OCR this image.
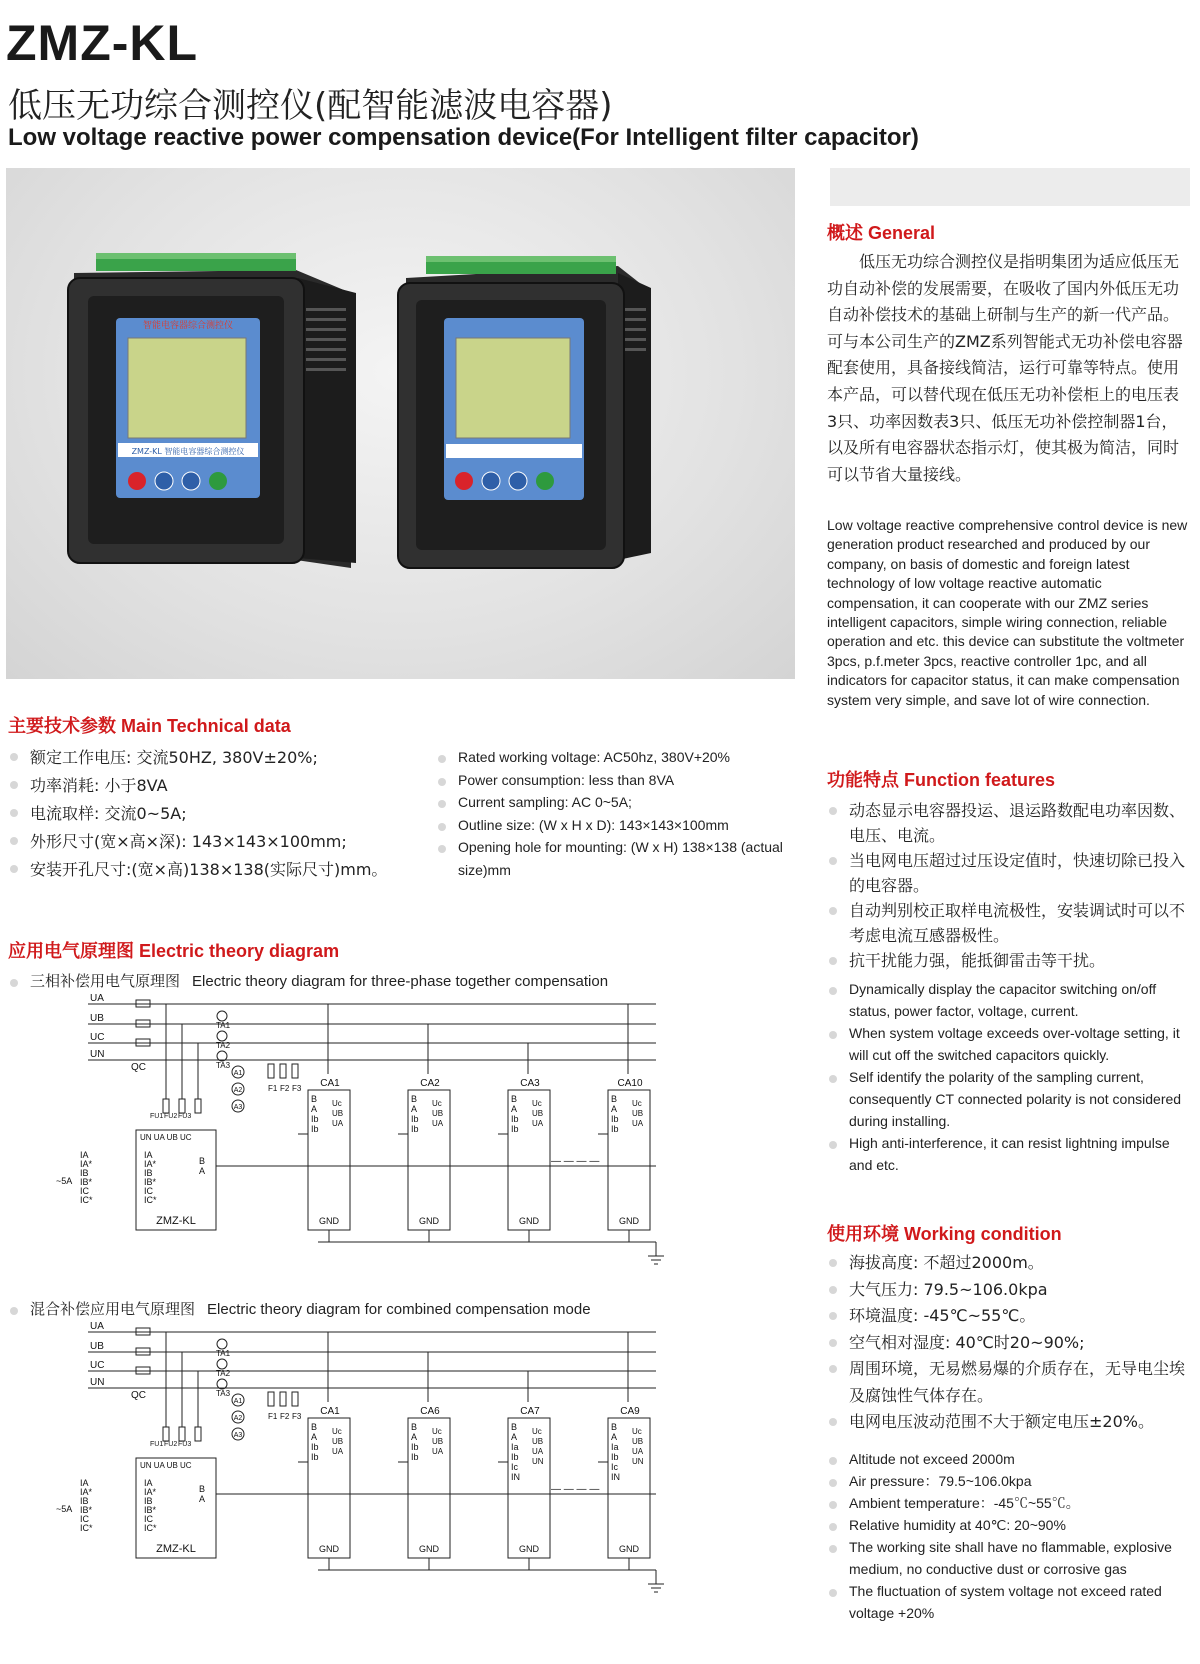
ZMZ-KL
低压无功综合测控仪(配智能滤波电容器)
Low voltage reactive power compensation device(For Intelligent filter capacitor)
智能电容器综合测控仪
ZMZ-KL 智能电容器综合测控仪
概述 General
低压无功综合测控仪是指明集团为适应低压无功自动补偿的发展需要，在吸收了国内外低压无功自动补偿技术的基础上研制与生产的新一代产品。可与本公司生产的ZMZ系列智能式无功补偿电容器配套使用，具备接线简洁，运行可靠等特点。使用本产品，可以替代现在低压无功补偿柜上的电压表3只、功率因数表3只、低压无功补偿控制器1台，以及所有电容器状态指示灯，使其极为简洁，同时可以节省大量接线。
Low voltage reactive comprehensive control device is new generation product researched and produced by our company, on basis of domestic and foreign latest technology of low voltage reactive automatic compensation, it can cooperate with our ZMZ series intelligent capacitors, simple wiring connection, reliable operation and etc. this device can substitute the voltmeter 3pcs, p.f.meter 3pcs, reactive controller 1pc, and all indicators for capacitor status, it can make compensation system very simple, and save lot of wire connection.
功能特点 Function features
动态显示电容器投运、退运路数配电功率因数、电压、电流。
当电网电压超过过压设定值时，快速切除已投入的电容器。
自动判别校正取样电流极性，安装调试时可以不考虑电流互感器极性。
抗干扰能力强，能抵御雷击等干扰。
Dynamically display the capacitor switching on/off status, power factor, voltage, current.
When system voltage exceeds over-voltage setting, it will cut off the switched capacitors quickly.
Self identify the polarity of the sampling current, consequently CT connected polarity is not considered during installing.
High anti-interference, it can resist lightning impulse and etc.
使用环境 Working condition
海拔高度: 不超过2000m。
大气压力: 79.5~106.0kpa
环境温度: -45℃~55℃。
空气相对湿度: 40℃时20~90%;
周围环境，无易燃易爆的介质存在，无导电尘埃及腐蚀性气体存在。
电网电压波动范围不大于额定电压±20%。
Altitude not exceed 2000m
Air pressure：79.5~106.0kpa
Ambient temperature：-45℃~55℃。
Relative humidity at 40℃: 20~90%
The working site shall have no flammable, explosive medium, no conductive dust or corrosive gas
The fluctuation of system voltage not exceed rated voltage +20%
主要技术参数 Main Technical data
额定工作电压: 交流50HZ, 380V±20%;
功率消耗: 小于8VA
电流取样: 交流0~5A;
外形尺寸(宽×高×深): 143×143×100mm;
安装开孔尺寸:(宽×高)138×138(实际尺寸)mm。
Rated working voltage: AC50hz, 380V+20%
Power consumption: less than 8VA
Current sampling: AC 0~5A;
Outline size: (W x H x D): 143×143×100mm
Opening hole for mounting: (W x H) 138×138 (actual size)mm
应用电气原理图 Electric theory diagram
三相补偿用电气原理图 Electric theory diagram for three-phase together compensation
UA
UB
UC
UN
QC
TA1
TA2
TA3
A1
A2
A3
F1 F2 F3
FU1 FU2 FU3
UN UA UB UC
IA
IA
IA*
IA*
IB
IB
IB*
IB*
IC
IC
IC*
IC*
~5A
B
A
ZMZ-KL
CA1
B
A
Ib
Ib
Uc
UB
UA
GND
CA2
B
A
Ib
Ib
Uc
UB
UA
GND
CA3
B
A
Ib
Ib
Uc
UB
UA
GND
CA10
B
A
Ib
Ib
Uc
UB
UA
GND
— — — —
混合补偿应用电气原理图 Electric theory diagram for combined compensation mode
UA
UB
UC
UN
QC
TA1
TA2
TA3
A1
A2
A3
F1 F2 F3
FU1 FU2 FU3
UN UA UB UC
IA
IA
IA*
IA*
IB
IB
IB*
IB*
IC
IC
IC*
IC*
~5A
B
A
ZMZ-KL
CA1
B
A
Ib
Ib
Uc
UB
UA
GND
CA6
B
A
Ib
Ib
Uc
UB
UA
GND
CA7
B
A
Ia
Ib
Ic
IN
Uc
UB
UA
UN
GND
CA9
B
A
Ia
Ib
Ic
IN
Uc
UB
UA
UN
GND
— — — —
